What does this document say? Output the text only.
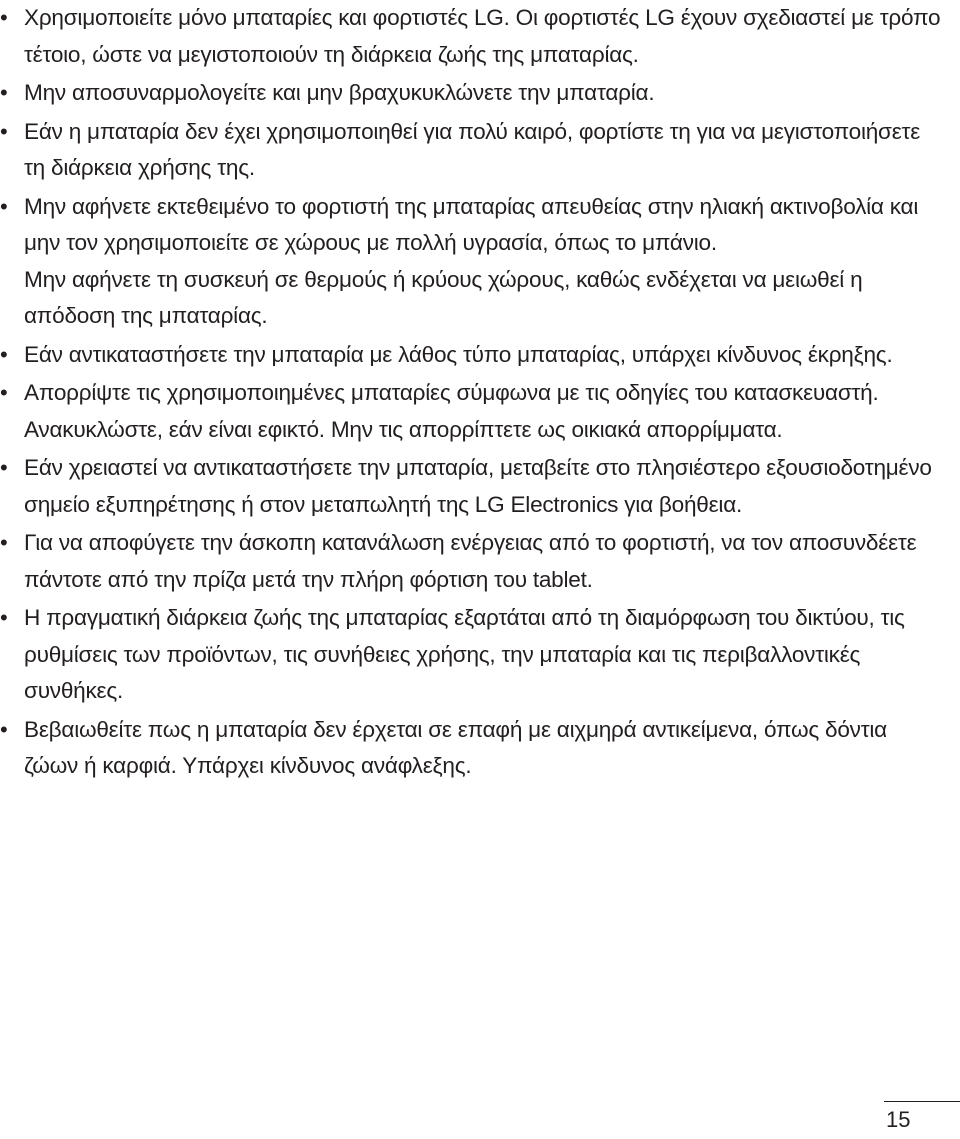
• Χρησιμοποιείτε μόνο μπαταρίες και φορτιστές LG. Οι φορτιστές LG έχουν σχεδιαστεί με τρόπο τέτοιο, ώστε να μεγιστοποιούν τη διάρκεια ζωής της μπαταρίας.

• Μην αποσυναρμολογείτε και μην βραχυκυκλώνετε την μπαταρία.

• Εάν η μπαταρία δεν έχει χρησιμοποιηθεί για πολύ καιρό, φορτίστε τη για να μεγιστοποιήσετε τη διάρκεια χρήσης της.

• Μην αφήνετε εκτεθειμένο το φορτιστή της μπαταρίας απευθείας στην ηλιακή ακτινοβολία και μην τον χρησιμοποιείτε σε χώρους με πολλή υγρασία, όπως το μπάνιο.

Μην αφήνετε τη συσκευή σε θερμούς ή κρύους χώρους, καθώς ενδέχεται να μειωθεί η απόδοση της μπαταρίας.

• Εάν αντικαταστήσετε την μπαταρία με λάθος τύπο μπαταρίας, υπάρχει κίνδυνος έκρηξης.

• Απορρίψτε τις χρησιμοποιημένες μπαταρίες σύμφωνα με τις οδηγίες του κατασκευαστή. Ανακυκλώστε, εάν είναι εφικτό. Μην τις απορρίπτετε ως οικιακά απορρίμματα.

• Εάν χρειαστεί να αντικαταστήσετε την μπαταρία, μεταβείτε στο πλησιέστερο εξουσιοδοτημένο σημείο εξυπηρέτησης ή στον μεταπωλητή της LG Electronics για βοήθεια.

• Για να αποφύγετε την άσκοπη κατανάλωση ενέργειας από το φορτιστή, να τον αποσυνδέετε πάντοτε από την πρίζα μετά την πλήρη φόρτιση του tablet.

• Η πραγματική διάρκεια ζωής της μπαταρίας εξαρτάται από τη διαμόρφωση του δικτύου, τις ρυθμίσεις των προϊόντων, τις συνήθειες χρήσης, την μπαταρία και τις περιβαλλοντικές συνθήκες.

• Βεβαιωθείτε πως η μπαταρία δεν έρχεται σε επαφή με αιχμηρά αντικείμενα, όπως δόντια ζώων ή καρφιά. Υπάρχει κίνδυνος ανάφλεξης.

15
